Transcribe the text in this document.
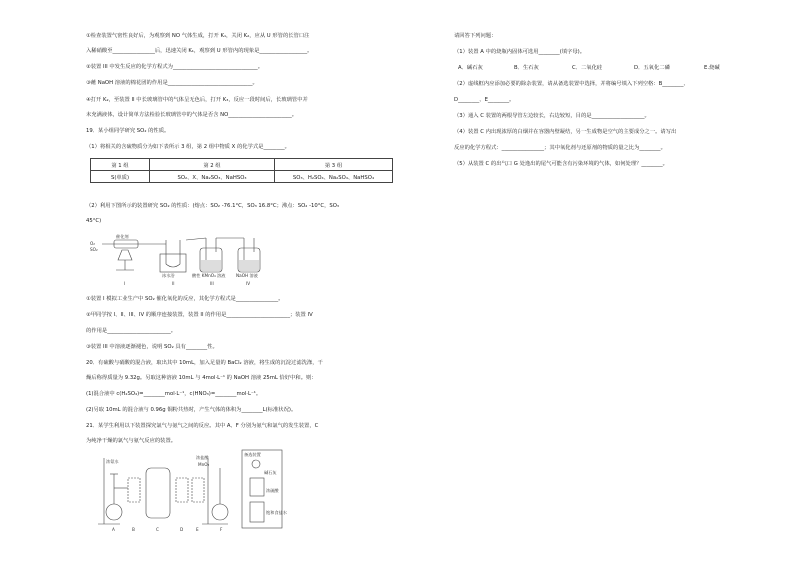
①检查装置气密性良好后，为观察到 NO 气体生成，打开 K₁，关闭 K₂，应从 U 形管的长管口注
入稀硝酸至________________后，迅速关闭 K₁，观察到 U 形管内的现象是__________________。
②装置 III 中发生反应的化学方程式为________________________________。
③蘸 NaOH 溶液的棉花团的作用是________________________________。
④打开 K₂，至装置 II 中长玻璃管中的气体呈无色后，打开 K₃，反应一段时间后，长玻璃管中并
未充满液体，设计简单方法检验长玻璃管中的气体是否含 NO________________________。
19．某小组同学研究 SO₂ 的性质。
（1）将相关的含硫物质分为如下表所示 3 组，第 2 组中物质 X 的化学式是________。
第 1 组	第 2 组	第 3 组
S(单质)	SO₂、X、Na₂SO₃、NaHSO₃	SO₃、H₂SO₄、Na₂SO₄、NaHSO₄
（2）利用下图所示的装置研究 SO₂ 的性质：(熔点：SO₂ -76.1°C，SO₃ 16.8°C；沸点：SO₂ -10°C，SO₃
45°C)
O₂
SO₂
催化剂
I
冰水浴
II
酸性 KMnO₄ 溶液
III
NaOH 溶液
IV
①装置 I 模拟工业生产中 SO₂ 催化氧化的反应，其化学方程式是________________。
②甲同学按 I、II、III、IV 的顺序连接装置，装置 II 的作用是________________________；装置 IV
的作用是________________________。
③装置 III 中溶液逐渐褪色，说明 SO₂ 具有________性。
20．有硫酸与硝酸的混合液，取出其中 10mL，加入足量的 BaCl₂ 溶液，将生成的沉淀过滤洗涤，干
燥后称得质量为 9.32g。另取这种溶液 10mL 与 4mol·L⁻¹ 的 NaOH 溶液 25mL 恰好中和。则：
(1)混合液中 c(H₂SO₄)=________mol·L⁻¹，c(HNO₃)=________mol·L⁻¹。
(2)另取 10mL 的混合液与 0.96g 铜粉共热时，产生气体的体积为________L(标准状况)。
21．某学生利用以下装置探究氯气与氨气之间的反应。其中 A、F 分别为氨气和氯气的发生装置，C
为纯净干燥的氯气与氨气反应的装置。
浓氨水
浓盐酸
MnO₂
A	B	C	D	E	F
备选装置
碱石灰
浓硫酸
饱和食盐水
请回答下列问题：
（1）装置 A 中的烧瓶内固体可选用________(填字母)。
A．碱石灰	B．生石灰	C．二氧化硅	D．五氧化二磷	E.烧碱
（2）虚线框内应添加必要的除杂装置，请从备选装置中选择，并将编号填入下列空格：B________、
D________、E________。
（3）通入 C 装置的两根导管左边较长，右边较短，目的是____________________。
（4）装置 C 内出现浓厚的白烟并在容器内壁凝结，另一生成物是空气的主要成分之一。请写出
反应的化学方程式：________________；其中氧化剂与还原剂的物质的量之比为________。
（5）从装置 C 的出气口 G 处逸出的尾气可能含有污染环境的气体，如何处理？________。
